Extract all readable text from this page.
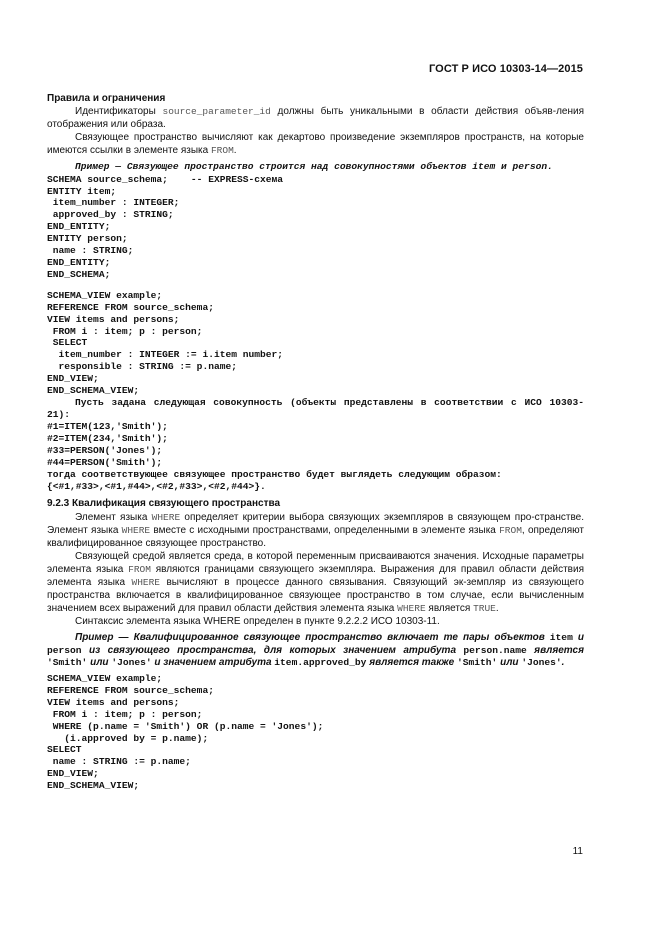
ГОСТ Р ИСО 10303-14—2015

Правила и ограничения

Идентификаторы source_parameter_id должны быть уникальными в области действия объяв-ления отображения или образа.

Связующее пространство вычисляют как декартово произведение экземпляров пространств, на которые имеются ссылки в элементе языка FROM.

Пример — Связующее пространство строится над совокупностями объектов item и person.

SCHEMA source_schema;    -- EXPRESS-схема
ENTITY item;
item_number : INTEGER;
approved_by : STRING;
END_ENTITY;
ENTITY person;
name : STRING;
END_ENTITY;
END_SCHEMA;
SCHEMA_VIEW example;
REFERENCE FROM source_schema;
VIEW items and persons;
FROM i : item; p : person;
SELECT
item_number : INTEGER := i.item number;
responsible : STRING := p.name;
END_VIEW;
END_SCHEMA_VIEW;

Пусть задана следующая совокупность (объекты представлены в соответствии с ИСО 10303-21):

#1=ITEM(123,'Smith');
#2=ITEM(234,'Smith');
#33=PERSON('Jones');
#44=PERSON('Smith');

тогда соответствующее связующее пространство будет выглядеть следующим образом:

{<#1,#33>,<#1,#44>,<#2,#33>,<#2,#44>}.

9.2.3 Квалификация связующего пространства

Элемент языка WHERE определяет критерии выбора связующих экземпляров в связующем про-странстве. Элемент языка WHERE вместе с исходными пространствами, определенными в элементе языка FROM, определяют квалифицированное связующее пространство.

Связующей средой является среда, в которой переменным присваиваются значения. Исходные параметры элемента языка FROM являются границами связующего экземпляра. Выражения для правил области действия элемента языка WHERE вычисляют в процессе данного связывания. Связующий эк-земпляр из связующего пространства включается в квалифицированное связующее пространство в том случае, если вычисленным значением всех выражений для правил области действия элемента языка WHERE является TRUE.

Синтаксис элемента языка WHERE определен в пункте 9.2.2.2 ИСО 10303-11.

Пример — Квалифицированное связующее пространство включает те пары объектов item и person из связующего пространства, для которых значением атрибута person.name является 'Smith' или 'Jones' и значением атрибута item.approved_by является также 'Smith' или 'Jones'.

SCHEMA_VIEW example;
REFERENCE FROM source_schema;
VIEW items and persons;
FROM i : item; p : person;
WHERE (p.name = 'Smith') OR (p.name = 'Jones');
(i.approved by = p.name);
SELECT
name : STRING := p.name;
END_VIEW;
END_SCHEMA_VIEW;
11
